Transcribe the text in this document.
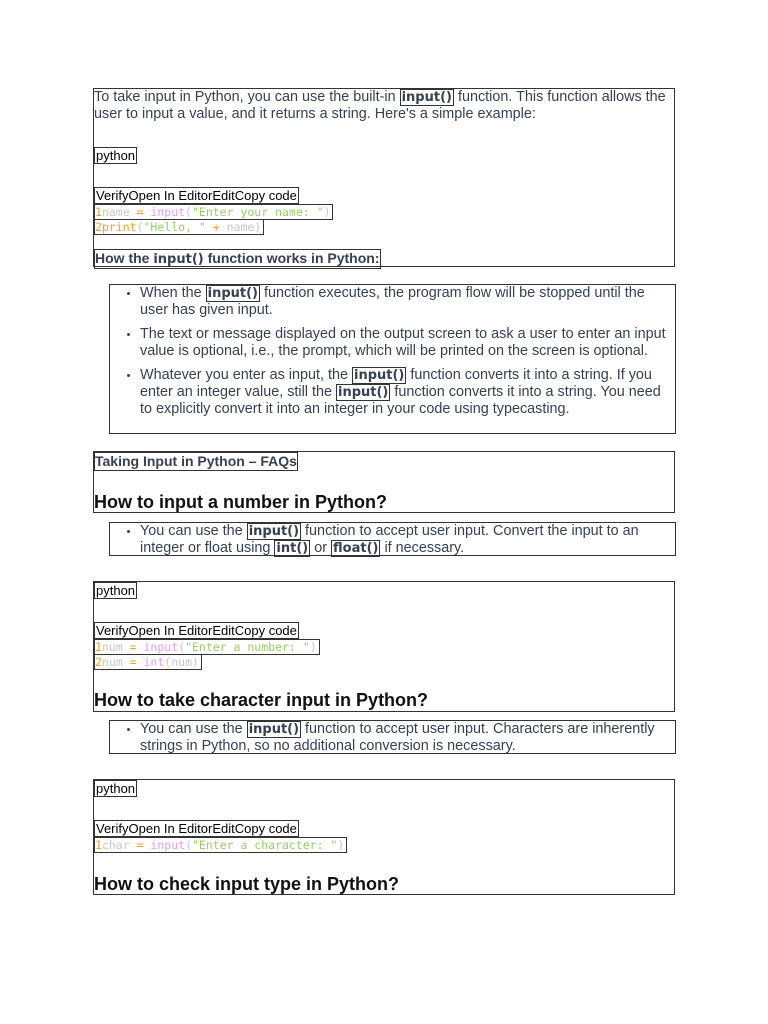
To take input in Python, you can use the built-in input() function. This function allows the user to input a value, and it returns a string. Here's a simple example:

python
VerifyOpen In EditorEditCopy code
1name = input("Enter your name: ")
2print("Hello, " + name)
How the input() function works in Python:
• When the input() function executes, the program flow will be stopped until the user has given input.
• The text or message displayed on the output screen to ask a user to enter an input value is optional, i.e., the prompt, which will be printed on the screen is optional.
• Whatever you enter as input, the input() function converts it into a string. If you enter an integer value, still the input() function converts it into a string. You need to explicitly convert it into an integer in your code using typecasting.
Taking Input in Python – FAQs
How to input a number in Python?
• You can use the input() function to accept user input. Convert the input to an integer or float using int() or float() if necessary.
python
VerifyOpen In EditorEditCopy code
1num = input("Enter a number: ")
2num = int(num)
How to take character input in Python?
• You can use the input() function to accept user input. Characters are inherently strings in Python, so no additional conversion is necessary.
python
VerifyOpen In EditorEditCopy code
1char = input("Enter a character: ")
How to check input type in Python?
